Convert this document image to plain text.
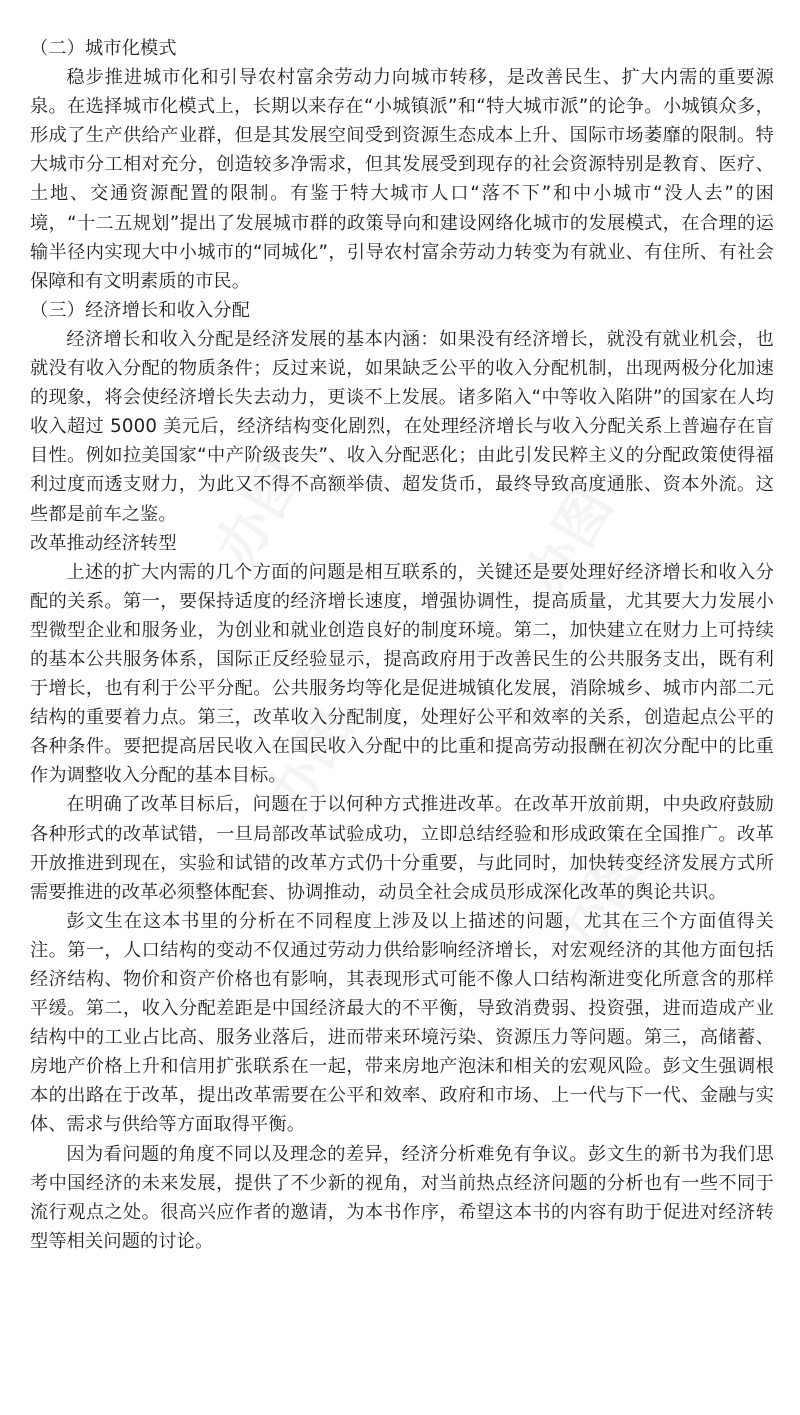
办图	办图
办图
办图
（二）城市化模式

稳步推进城市化和引导农村富余劳动力向城市转移，是改善民生、扩大内需的重要源泉。在选择城市化模式上，长期以来存在“小城镇派”和“特大城市派”的论争。小城镇众多，形成了生产供给产业群，但是其发展空间受到资源生态成本上升、国际市场萎靡的限制。特大城市分工相对充分，创造较多净需求，但其发展受到现存的社会资源特别是教育、医疗、土地、交通资源配置的限制。有鉴于特大城市人口“落不下”和中小城市“没人去”的困境，“十二五规划”提出了发展城市群的政策导向和建设网络化城市的发展模式，在合理的运输半径内实现大中小城市的“同城化”，引导农村富余劳动力转变为有就业、有住所、有社会保障和有文明素质的市民。

（三）经济增长和收入分配

经济增长和收入分配是经济发展的基本内涵：如果没有经济增长，就没有就业机会，也就没有收入分配的物质条件；反过来说，如果缺乏公平的收入分配机制，出现两极分化加速的现象，将会使经济增长失去动力，更谈不上发展。诸多陷入“中等收入陷阱”的国家在人均收入超过 5000 美元后，经济结构变化剧烈，在处理经济增长与收入分配关系上普遍存在盲目性。例如拉美国家“中产阶级丧失”、收入分配恶化；由此引发民粹主义的分配政策使得福利过度而透支财力，为此又不得不高额举债、超发货币，最终导致高度通胀、资本外流。这些都是前车之鉴。

改革推动经济转型

上述的扩大内需的几个方面的问题是相互联系的，关键还是要处理好经济增长和收入分配的关系。第一，要保持适度的经济增长速度，增强协调性，提高质量，尤其要大力发展小型微型企业和服务业，为创业和就业创造良好的制度环境。第二，加快建立在财力上可持续的基本公共服务体系，国际正反经验显示，提高政府用于改善民生的公共服务支出，既有利于增长，也有利于公平分配。公共服务均等化是促进城镇化发展，消除城乡、城市内部二元结构的重要着力点。第三，改革收入分配制度，处理好公平和效率的关系，创造起点公平的各种条件。要把提高居民收入在国民收入分配中的比重和提高劳动报酬在初次分配中的比重作为调整收入分配的基本目标。

在明确了改革目标后，问题在于以何种方式推进改革。在改革开放前期，中央政府鼓励各种形式的改革试错，一旦局部改革试验成功，立即总结经验和形成政策在全国推广。改革开放推进到现在，实验和试错的改革方式仍十分重要，与此同时，加快转变经济发展方式所需要推进的改革必须整体配套、协调推动，动员全社会成员形成深化改革的舆论共识。

彭文生在这本书里的分析在不同程度上涉及以上描述的问题，尤其在三个方面值得关注。第一，人口结构的变动不仅通过劳动力供给影响经济增长，对宏观经济的其他方面包括经济结构、物价和资产价格也有影响，其表现形式可能不像人口结构渐进变化所意含的那样平缓。第二，收入分配差距是中国经济最大的不平衡，导致消费弱、投资强，进而造成产业结构中的工业占比高、服务业落后，进而带来环境污染、资源压力等问题。第三，高储蓄、房地产价格上升和信用扩张联系在一起，带来房地产泡沫和相关的宏观风险。彭文生强调根本的出路在于改革，提出改革需要在公平和效率、政府和市场、上一代与下一代、金融与实体、需求与供给等方面取得平衡。

因为看问题的角度不同以及理念的差异，经济分析难免有争议。彭文生的新书为我们思考中国经济的未来发展，提供了不少新的视角，对当前热点经济问题的分析也有一些不同于流行观点之处。很高兴应作者的邀请，为本书作序，希望这本书的内容有助于促进对经济转型等相关问题的讨论。
